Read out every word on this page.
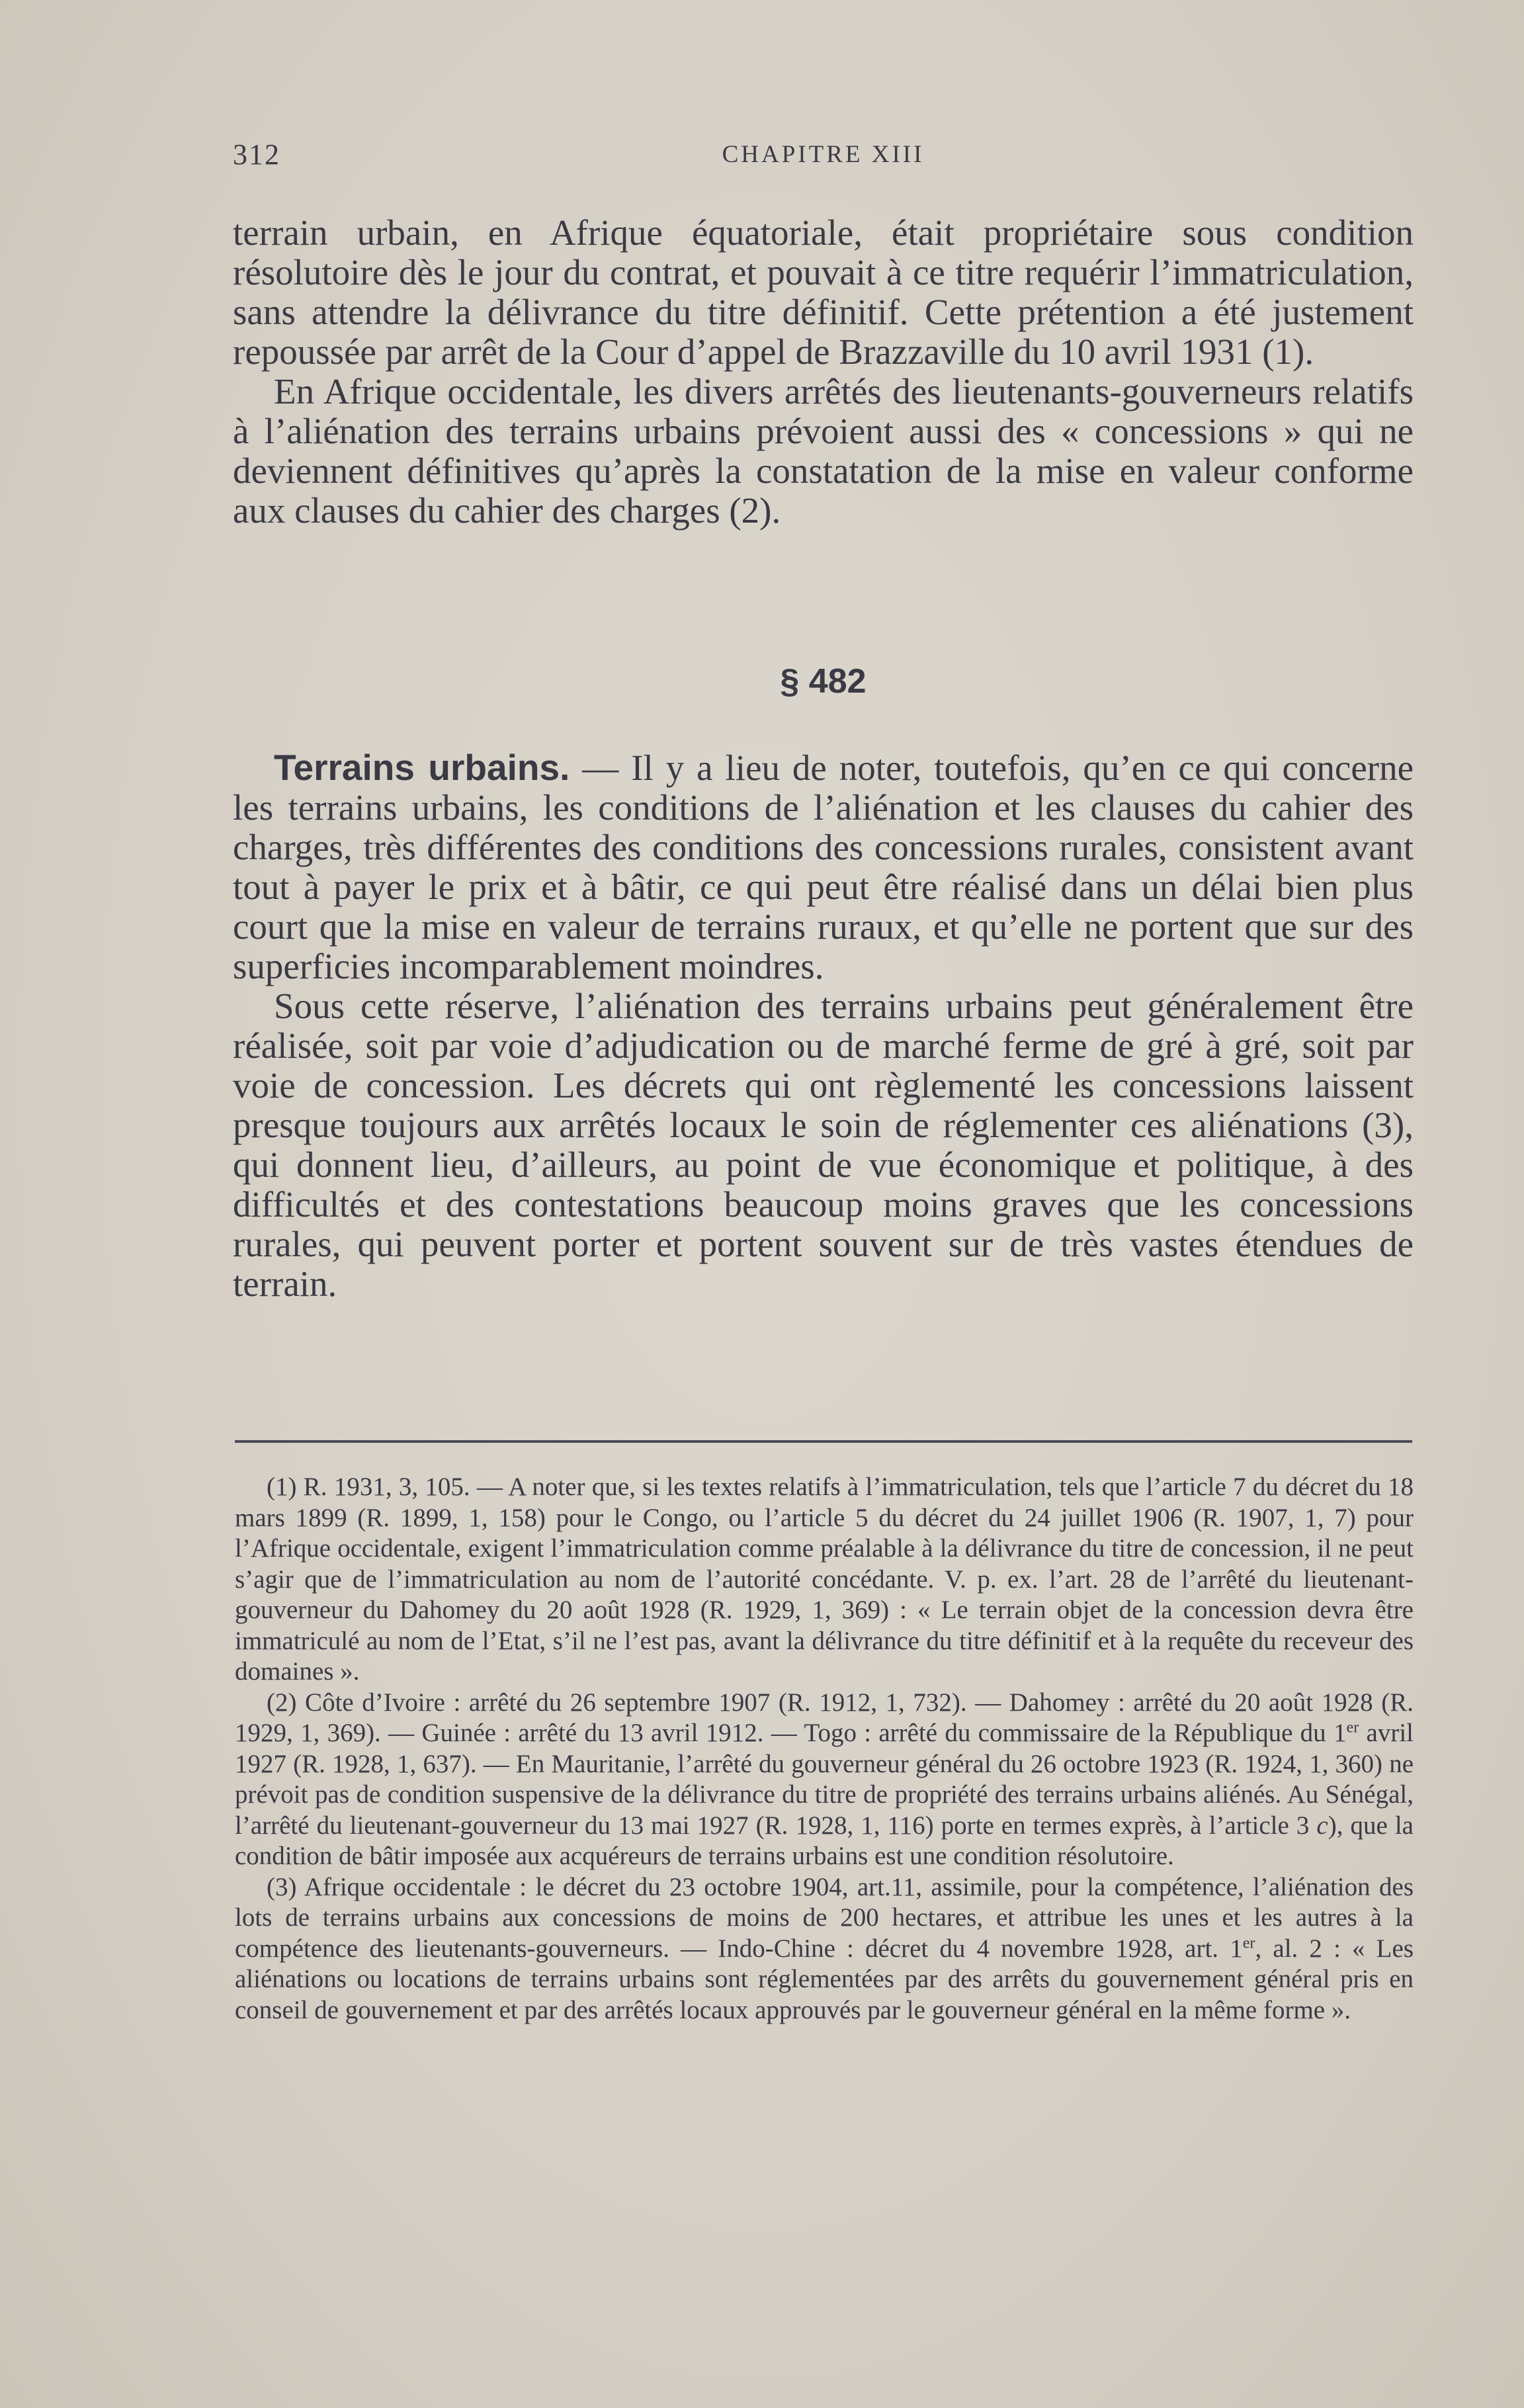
312	CHAPITRE XIII

terrain urbain, en Afrique équatoriale, était propriétaire sous condition résolutoire dès le jour du contrat, et pouvait à ce titre requérir l’immatriculation, sans attendre la délivrance du titre définitif. Cette prétention a été justement repoussée par arrêt de la Cour d’appel de Brazzaville du 10 avril 1931 (1).

En Afrique occidentale, les divers arrêtés des lieutenants-gouverneurs relatifs à l’aliénation des terrains urbains prévoient aussi des « concessions » qui ne deviennent définitives qu’après la constatation de la mise en valeur conforme aux clauses du cahier des charges (2).

§ 482

Terrains urbains. — Il y a lieu de noter, toutefois, qu’en ce qui concerne les terrains urbains, les conditions de l’aliénation et les clauses du cahier des charges, très différentes des conditions des concessions rurales, consistent avant tout à payer le prix et à bâtir, ce qui peut être réalisé dans un délai bien plus court que la mise en valeur de terrains ruraux, et qu’elle ne portent que sur des superficies incomparablement moindres.

Sous cette réserve, l’aliénation des terrains urbains peut généralement être réalisée, soit par voie d’adjudication ou de marché ferme de gré à gré, soit par voie de concession. Les décrets qui ont règlementé les concessions laissent presque toujours aux arrêtés locaux le soin de réglementer ces aliénations (3), qui donnent lieu, d’ailleurs, au point de vue économique et politique, à des difficultés et des contestations beaucoup moins graves que les concessions rurales, qui peuvent porter et portent souvent sur de très vastes étendues de terrain.

(1) R. 1931, 3, 105. — A noter que, si les textes relatifs à l’immatriculation, tels que l’article 7 du décret du 18 mars 1899 (R. 1899, 1, 158) pour le Congo, ou l’article 5 du décret du 24 juillet 1906 (R. 1907, 1, 7) pour l’Afrique occidentale, exigent l’immatriculation comme préalable à la délivrance du titre de concession, il ne peut s’agir que de l’immatriculation au nom de l’autorité concédante. V. p. ex. l’art. 28 de l’arrêté du lieutenant-gouverneur du Dahomey du 20 août 1928 (R. 1929, 1, 369) : « Le terrain objet de la concession devra être immatriculé au nom de l’Etat, s’il ne l’est pas, avant la délivrance du titre définitif et à la requête du receveur des domaines ».

(2) Côte d’Ivoire : arrêté du 26 septembre 1907 (R. 1912, 1, 732). — Dahomey : arrêté du 20 août 1928 (R. 1929, 1, 369). — Guinée : arrêté du 13 avril 1912. — Togo : arrêté du commissaire de la République du 1er avril 1927 (R. 1928, 1, 637). — En Mauritanie, l’arrêté du gouverneur général du 26 octobre 1923 (R. 1924, 1, 360) ne prévoit pas de condition suspensive de la délivrance du titre de propriété des terrains urbains aliénés. Au Sénégal, l’arrêté du lieutenant-gouverneur du 13 mai 1927 (R. 1928, 1, 116) porte en termes exprès, à l’article 3 c), que la condition de bâtir imposée aux acquéreurs de terrains urbains est une condition résolutoire.

(3) Afrique occidentale : le décret du 23 octobre 1904, art.11, assimile, pour la compétence, l’aliénation des lots de terrains urbains aux concessions de moins de 200 hectares, et attribue les unes et les autres à la compétence des lieutenants-gouverneurs. — Indo-Chine : décret du 4 novembre 1928, art. 1er, al. 2 : « Les aliénations ou locations de terrains urbains sont réglementées par des arrêts du gouvernement général pris en conseil de gouvernement et par des arrêtés locaux approuvés par le gouverneur général en la même forme ».
